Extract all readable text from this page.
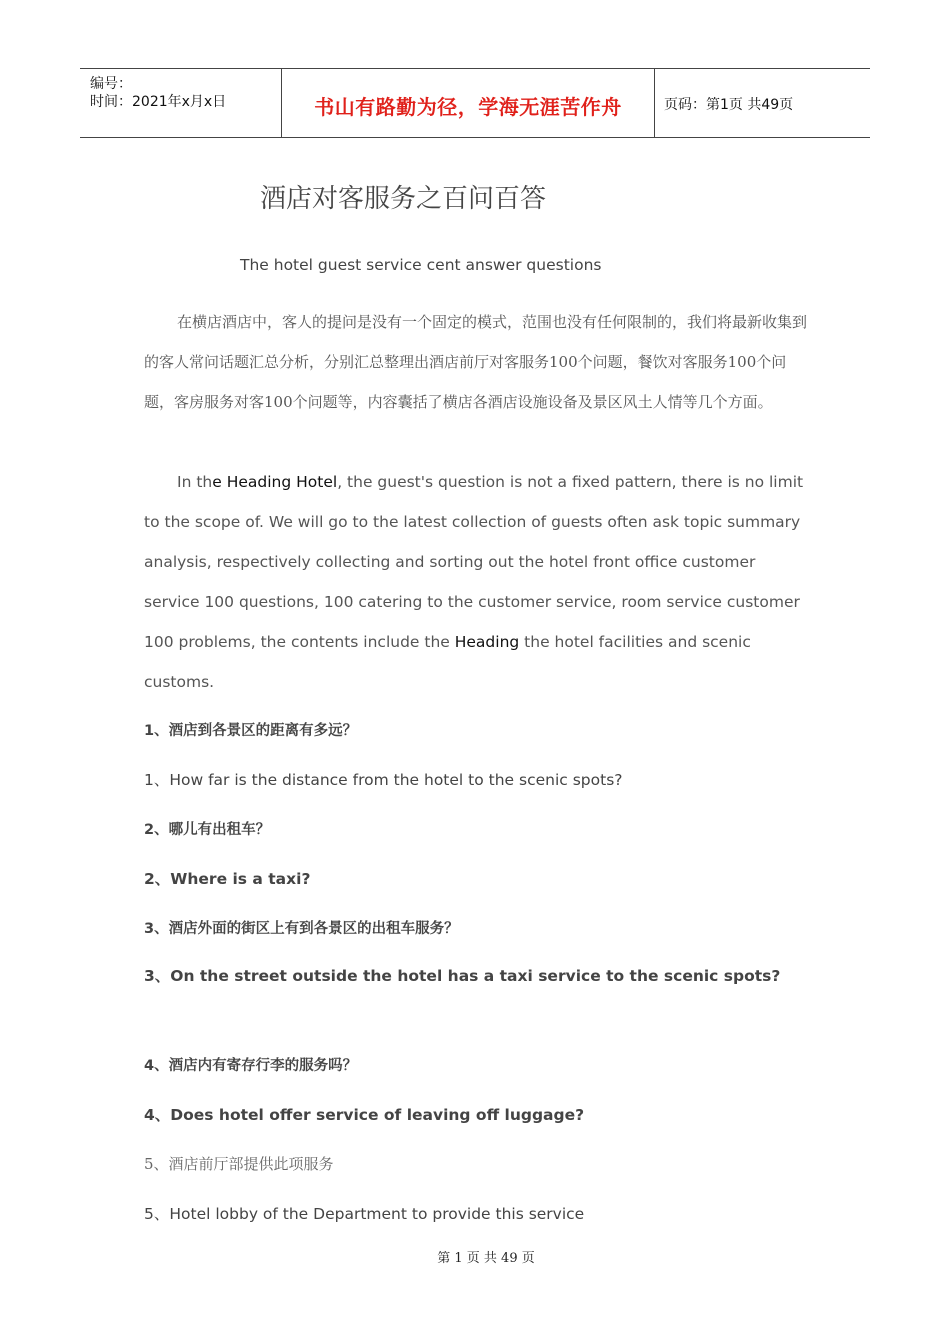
编号：
时间：2021年x月x日	书山有路勤为径，学海无涯苦作舟	页码：第1页 共49页
酒店对客服务之百问百答
The hotel guest service cent answer questions
在横店酒店中，客人的提问是没有一个固定的模式，范围也没有任何限制的，我们将最新收集到的客人常问话题汇总分析，分别汇总整理出酒店前厅对客服务100个问题，餐饮对客服务100个问题，客房服务对客100个问题等，内容囊括了横店各酒店设施设备及景区风土人情等几个方面。
In the Heading Hotel, the guest's question is not a fixed pattern, there is no limit to the scope of. We will go to the latest collection of guests often ask topic summary analysis, respectively collecting and sorting out the hotel front office customer service 100 questions, 100 catering to the customer service, room service customer 100 problems, the contents include the Heading the hotel facilities and scenic customs.
1、酒店到各景区的距离有多远？
1、How far is the distance from the hotel to the scenic spots?
2、哪儿有出租车？
2、Where is a taxi?
3、酒店外面的街区上有到各景区的出租车服务？
3、On the street outside the hotel has a taxi service to the scenic spots?
4、酒店内有寄存行李的服务吗？
4、Does hotel offer service of leaving off luggage?
5、酒店前厅部提供此项服务
5、Hotel lobby of the Department to provide this service
第 1 页 共 49 页
